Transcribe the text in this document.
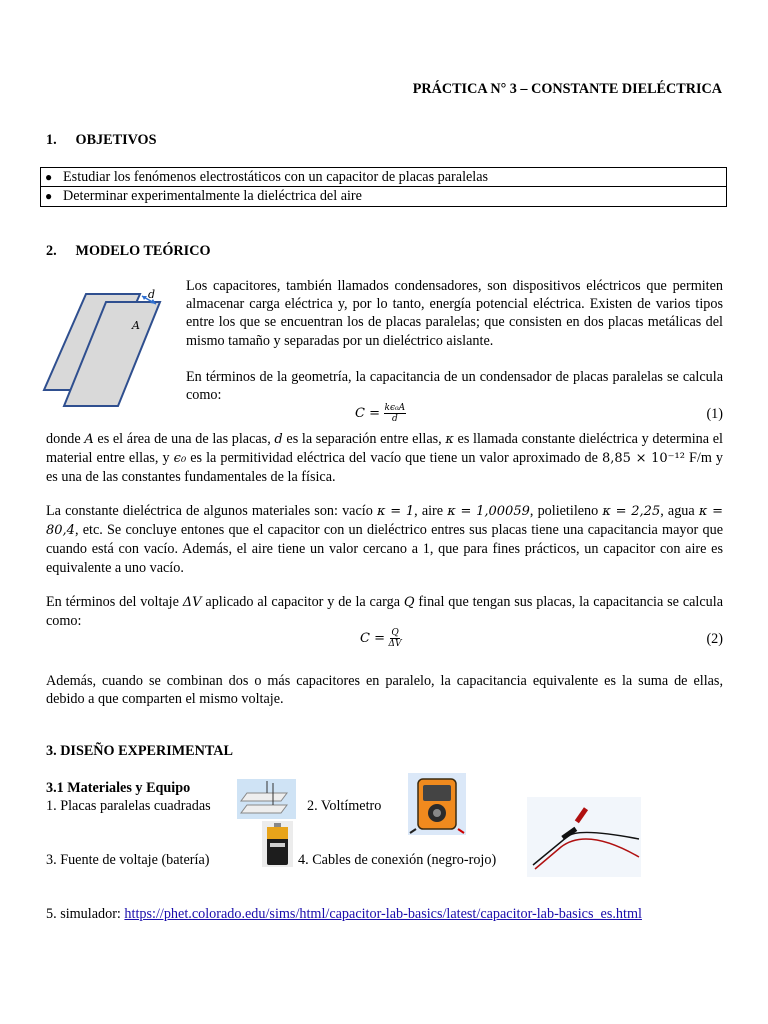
PRÁCTICA N° 3 – CONSTANTE DIELÉCTRICA
1. OBJETIVOS
● Estudiar los fenómenos electrostáticos con un capacitor de placas paralelas
● Determinar experimentalmente la dieléctrica del aire
2. MODELO TEÓRICO
d
A
Los capacitores, también llamados condensadores, son dispositivos eléctricos que permiten almacenar carga eléctrica y, por lo tanto, energía potencial eléctrica. Existen de varios tipos entre los que se encuentran los de placas paralelas; que consisten en dos placas metálicas del mismo tamaño y separadas por un dieléctrico aislante.
En términos de la geometría, la capacitancia de un condensador de placas paralelas se calcula como:
$C = \frac{\text{kϵ₀A}}{d}$	(1)
donde A es el área de una de las placas, d es la separación entre ellas, κ es llamada constante dieléctrica y determina el material entre ellas, y ϵ₀ es la permitividad eléctrica del vacío que tiene un valor aproximado de 8,85 × 10⁻¹² F/m y es una de las constantes fundamentales de la física.
La constante dieléctrica de algunos materiales son: vacío κ = 1, aire κ = 1,00059, polietileno κ = 2,25, agua κ = 80,4, etc. Se concluye entones que el capacitor con un dieléctrico entres sus placas tiene una capacitancia mayor que cuando está con vacío. Además, el aire tiene un valor cercano a 1, que para fines prácticos, un capacitor con aire es equivalente a uno vacío.
En términos del voltaje ΔV aplicado al capacitor y de la carga Q final que tengan sus placas, la capacitancia se calcula como:
$C = \frac{Q}{\Delta V}$	(2)
Además, cuando se combinan dos o más capacitores en paralelo, la capacitancia equivalente es la suma de ellas, debido a que comparten el mismo voltaje.
3. DISEÑO EXPERIMENTAL
3.1 Materiales y Equipo
1. Placas paralelas cuadradas	2. Voltímetro
3. Fuente de voltaje (batería)	4. Cables de conexión (negro-rojo)
5. simulador: https://phet.colorado.edu/sims/html/capacitor-lab-basics/latest/capacitor-lab-basics_es.html
